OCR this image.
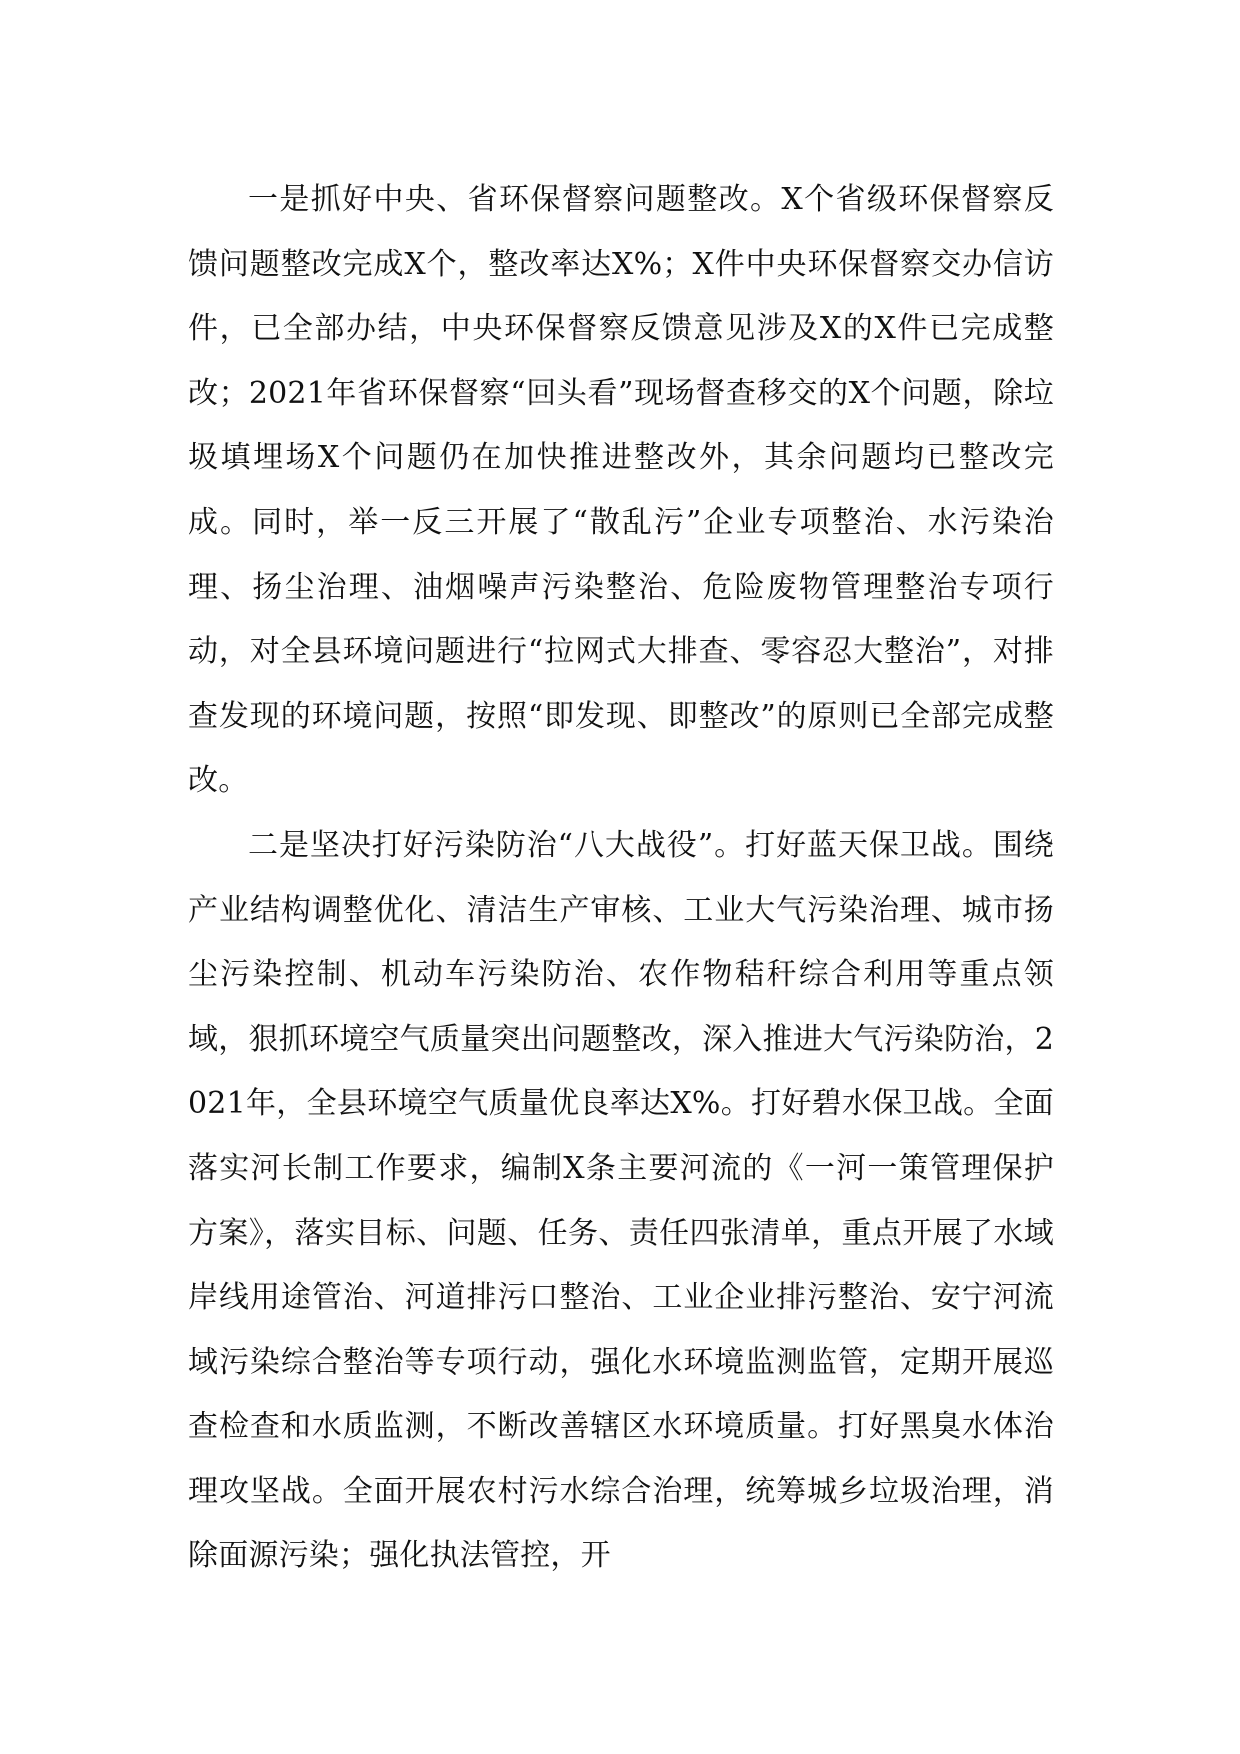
一是抓好中央、省环保督察问题整改。X个省级环保督察反馈问题整改完成X个，整改率达X%；X件中央环保督察交办信访件，已全部办结，中央环保督察反馈意见涉及X的X件已完成整改；2021年省环保督察“回头看”现场督查移交的X个问题，除垃圾填埋场X个问题仍在加快推进整改外，其余问题均已整改完成。同时，举一反三开展了“散乱污”企业专项整治、水污染治理、扬尘治理、油烟噪声污染整治、危险废物管理整治专项行动，对全县环境问题进行“拉网式大排查、零容忍大整治”，对排查发现的环境问题，按照“即发现、即整改”的原则已全部完成整改。

二是坚决打好污染防治“八大战役”。打好蓝天保卫战。围绕产业结构调整优化、清洁生产审核、工业大气污染治理、城市扬尘污染控制、机动车污染防治、农作物秸秆综合利用等重点领域，狠抓环境空气质量突出问题整改，深入推进大气污染防治，2021年，全县环境空气质量优良率达X%。打好碧水保卫战。全面落实河长制工作要求，编制X条主要河流的《一河一策管理保护方案》，落实目标、问题、任务、责任四张清单，重点开展了水域岸线用途管治、河道排污口整治、工业企业排污整治、安宁河流域污染综合整治等专项行动，强化水环境监测监管，定期开展巡查检查和水质监测，不断改善辖区水环境质量。打好黑臭水体治理攻坚战。全面开展农村污水综合治理，统筹城乡垃圾治理，消除面源污染；强化执法管控，开
